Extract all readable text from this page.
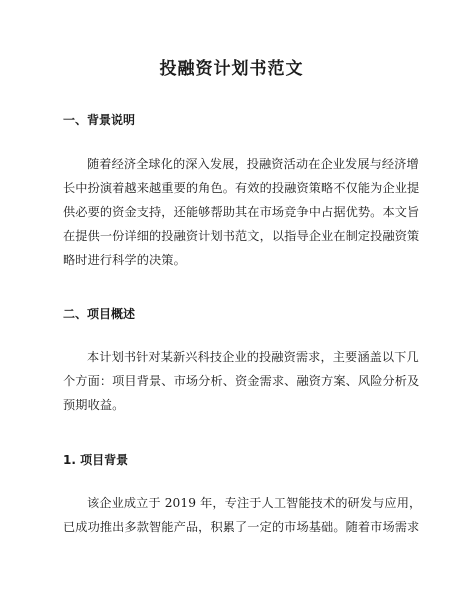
投融资计划书范文
一、背景说明
随着经济全球化的深入发展，投融资活动在企业发展与经济增
长中扮演着越来越重要的角色。有效的投融资策略不仅能为企业提
供必要的资金支持，还能够帮助其在市场竞争中占据优势。本文旨
在提供一份详细的投融资计划书范文，以指导企业在制定投融资策
略时进行科学的决策。
二、项目概述
本计划书针对某新兴科技企业的投融资需求，主要涵盖以下几
个方面：项目背景、市场分析、资金需求、融资方案、风险分析及
预期收益。
1. 项目背景
该企业成立于 2019 年，专注于人工智能技术的研发与应用，
已成功推出多款智能产品，积累了一定的市场基础。随着市场需求
